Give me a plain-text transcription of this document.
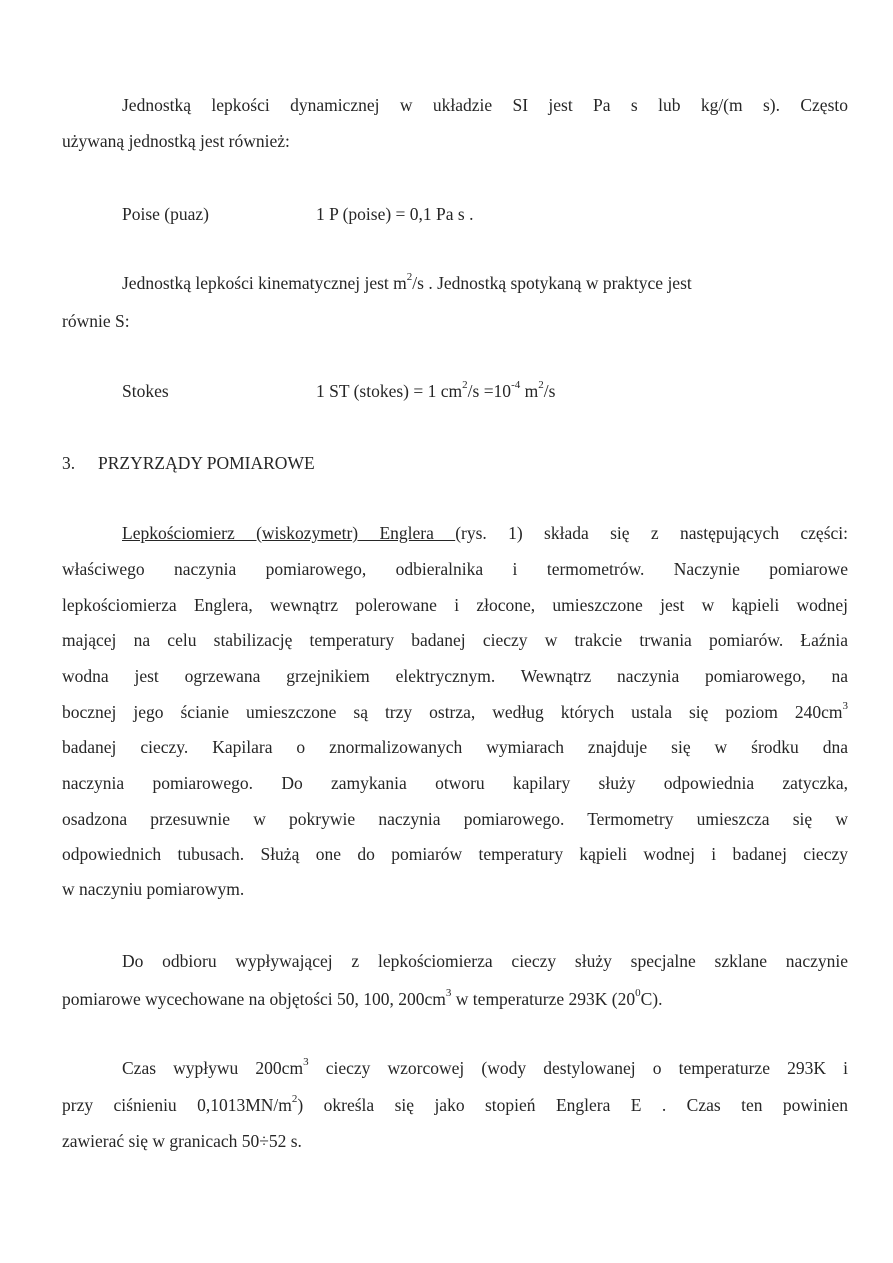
Jednostką lepkości dynamicznej w układzie SI jest Pa s lub kg/(m s). Często
używaną jednostką jest również:
Poise (puaz)	1 P (poise) = 0,1 Pa s .
Jednostką lepkości kinematycznej jest $m^2/s$ . Jednostką spotykaną w praktyce jest
równie S:
Stokes	1 ST (stokes) = 1 $cm^2/s =10^{-4}$ $m^2/s$
3. PRZYRZĄDY POMIAROWE
Lepkościomierz (wiskozymetr) Englera (rys. 1) składa się z następujących części:
właściwego naczynia pomiarowego, odbieralnika i termometrów. Naczynie pomiarowe
lepkościomierza Englera, wewnątrz polerowane i złocone, umieszczone jest w kąpieli wodnej
mającej na celu stabilizację temperatury badanej cieczy w trakcie trwania pomiarów. Łaźnia
wodna jest ogrzewana grzejnikiem elektrycznym. Wewnątrz naczynia pomiarowego, na
bocznej jego ścianie umieszczone są trzy ostrza, według których ustala się poziom $240cm^3$
badanej cieczy. Kapilara o znormalizowanych wymiarach znajduje się w środku dna
naczynia pomiarowego. Do zamykania otworu kapilary służy odpowiednia zatyczka,
osadzona przesuwnie w pokrywie naczynia pomiarowego. Termometry umieszcza się w
odpowiednich tubusach. Służą one do pomiarów temperatury kąpieli wodnej i badanej cieczy
w naczyniu pomiarowym.
Do odbioru wypływającej z lepkościomierza cieczy służy specjalne szklane naczynie
pomiarowe wycechowane na objętości 50, 100, $200cm^3$ w temperaturze 293K $(20^0C)$.
Czas wypływu $200cm^3$ cieczy wzorcowej (wody destylowanej o temperaturze 293K i
przy ciśnieniu $0,1013MN/m^2$) określa się jako stopień Englera E . Czas ten powinien
zawierać się w granicach 50÷52 s.
